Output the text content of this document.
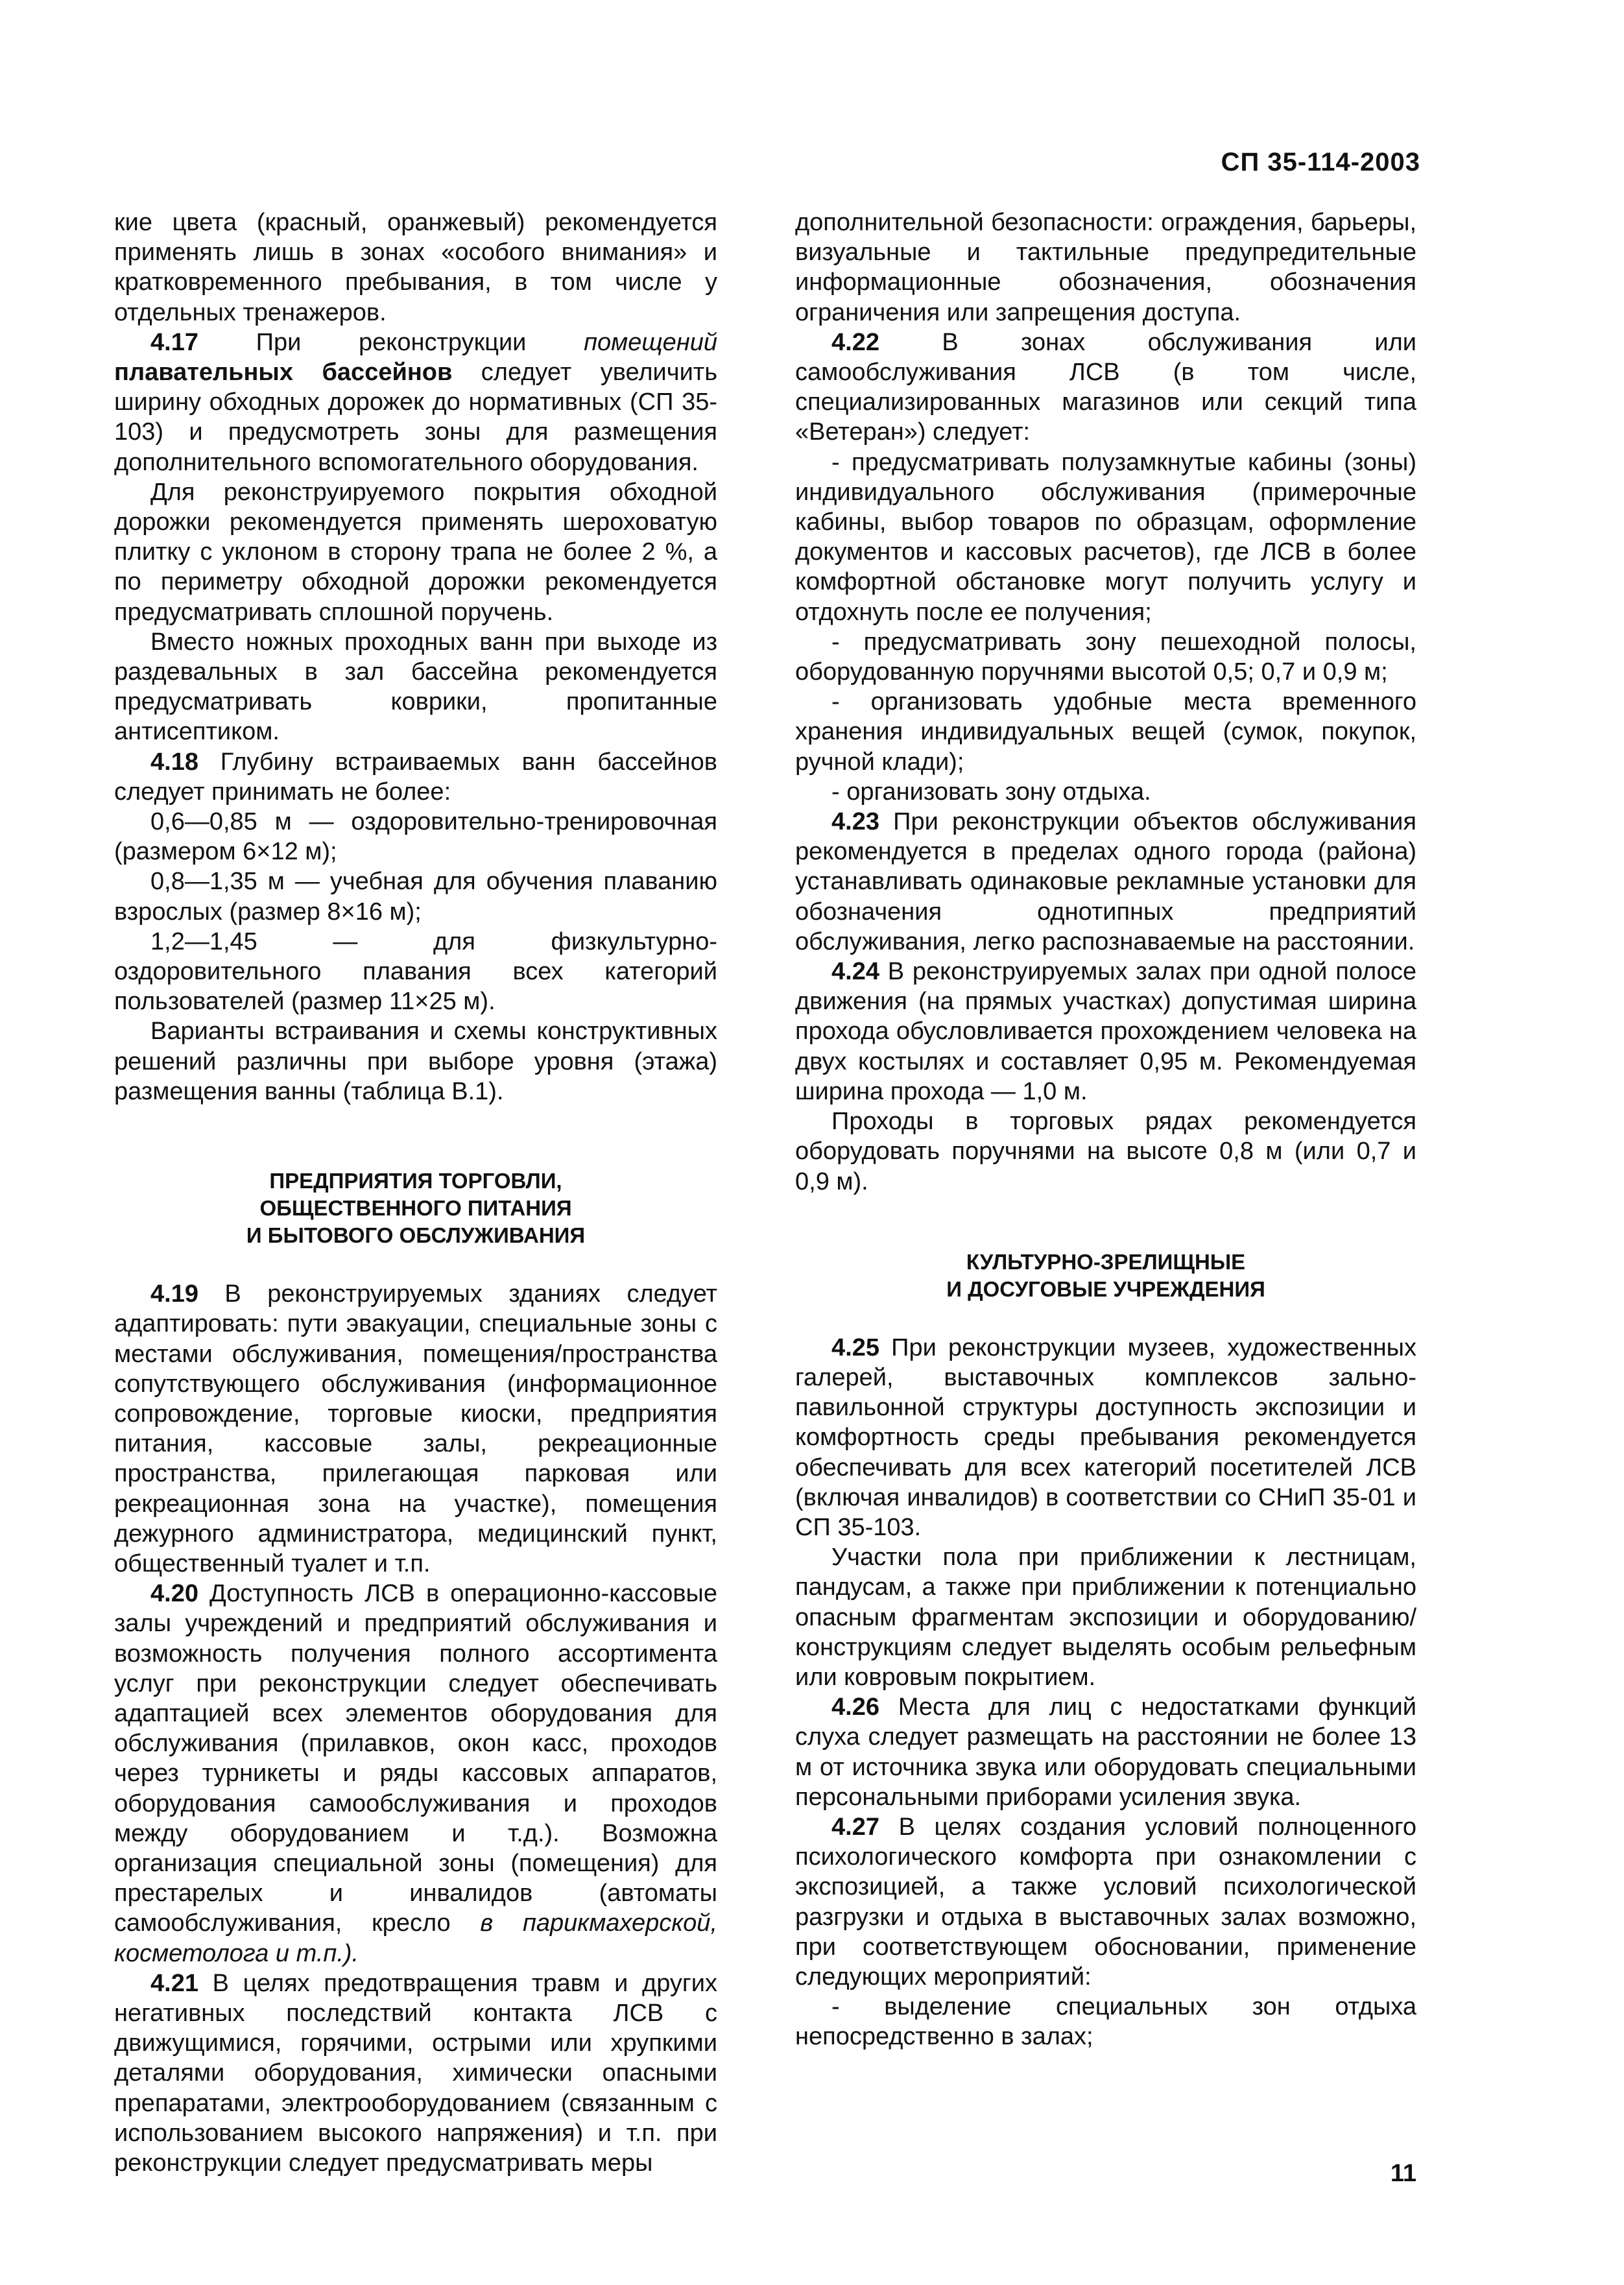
СП 35-114-2003

кие цвета (красный, оранжевый) рекомендуется применять лишь в зонах «особого внимания» и кратковременного пребывания, в том числе у отдельных тренажеров.

4.17 При реконструкции помещений плавательных бассейнов следует увеличить ширину обходных дорожек до нормативных (СП 35-103) и предусмотреть зоны для размещения дополнительного вспомогательного оборудования.

Для реконструируемого покрытия обходной дорожки рекомендуется применять шероховатую плитку с уклоном в сторону трапа не более 2 %, а по периметру обходной дорожки рекомендуется предусматривать сплошной поручень.

Вместо ножных проходных ванн при выходе из раздевальных в зал бассейна рекомендуется предусматривать коврики, пропитанные антисептиком.

4.18 Глубину встраиваемых ванн бассейнов следует принимать не более:

0,6—0,85 м — оздоровительно-тренировочная (размером 6×12 м);

0,8—1,35 м — учебная для обучения плаванию взрослых (размер 8×16 м);

1,2—1,45 — для физкультурно-оздоровительного плавания всех категорий пользователей (размер 11×25 м).

Варианты встраивания и схемы конструктивных решений различны при выборе уровня (этажа) размещения ванны (таблица В.1).

ПРЕДПРИЯТИЯ ТОРГОВЛИ,
ОБЩЕСТВЕННОГО ПИТАНИЯ
И БЫТОВОГО ОБСЛУЖИВАНИЯ

4.19 В реконструируемых зданиях следует адаптировать: пути эвакуации, специальные зоны с местами обслуживания, помещения/пространства сопутствующего обслуживания (информационное сопровождение, торговые киоски, предприятия питания, кассовые залы, рекреационные пространства, прилегающая парковая или рекреационная зона на участке), помещения дежурного администратора, медицинский пункт, общественный туалет и т.п.

4.20 Доступность ЛСВ в операционно-кассовые залы учреждений и предприятий обслуживания и возможность получения полного ассортимента услуг при реконструкции следует обеспечивать адаптацией всех элементов оборудования для обслуживания (прилавков, окон касс, проходов через турникеты и ряды кассовых аппаратов, оборудования самообслуживания и проходов между оборудованием и т.д.). Возможна организация специальной зоны (помещения) для престарелых и инвалидов (автоматы самообслуживания, кресло в парикмахерской, косметолога и т.п.).

4.21 В целях предотвращения травм и других негативных последствий контакта ЛСВ с движущимися, горячими, острыми или хрупкими деталями оборудования, химически опасными препаратами, электрооборудованием (связанным с использованием высокого напряжения) и т.п. при реконструкции следует предусматривать меры

дополнительной безопасности: ограждения, барьеры, визуальные и тактильные предупредительные информационные обозначения, обозначения ограничения или запрещения доступа.

4.22 В зонах обслуживания или самообслуживания ЛСВ (в том числе, специализированных магазинов или секций типа «Ветеран») следует:

- предусматривать полузамкнутые кабины (зоны) индивидуального обслуживания (примерочные кабины, выбор товаров по образцам, оформление документов и кассовых расчетов), где ЛСВ в более комфортной обстановке могут получить услугу и отдохнуть после ее получения;

- предусматривать зону пешеходной полосы, оборудованную поручнями высотой 0,5; 0,7 и 0,9 м;

- организовать удобные места временного хранения индивидуальных вещей (сумок, покупок, ручной клади);

- организовать зону отдыха.

4.23 При реконструкции объектов обслуживания рекомендуется в пределах одного города (района) устанавливать одинаковые рекламные установки для обозначения однотипных предприятий обслуживания, легко распознаваемые на расстоянии.

4.24 В реконструируемых залах при одной полосе движения (на прямых участках) допустимая ширина прохода обусловливается прохождением человека на двух костылях и составляет 0,95 м. Рекомендуемая ширина прохода — 1,0 м.

Проходы в торговых рядах рекомендуется оборудовать поручнями на высоте 0,8 м (или 0,7 и 0,9 м).

КУЛЬТУРНО-ЗРЕЛИЩНЫЕ
И ДОСУГОВЫЕ УЧРЕЖДЕНИЯ

4.25 При реконструкции музеев, художественных галерей, выставочных комплексов зально-павильонной структуры доступность экспозиции и комфортность среды пребывания рекомендуется обеспечивать для всех категорий посетителей ЛСВ (включая инвалидов) в соответствии со СНиП 35-01 и СП 35-103.

Участки пола при приближении к лестницам, пандусам, а также при приближении к потенциально опасным фрагментам экспозиции и оборудованию/конструкциям следует выделять особым рельефным или ковровым покрытием.

4.26 Места для лиц с недостатками функций слуха следует размещать на расстоянии не более 13 м от источника звука или оборудовать специальными персональными приборами усиления звука.

4.27 В целях создания условий полноценного психологического комфорта при ознакомлении с экспозицией, а также условий психологической разгрузки и отдыха в выставочных залах возможно, при соответствующем обосновании, применение следующих мероприятий:

- выделение специальных зон отдыха непосредственно в залах;

11
